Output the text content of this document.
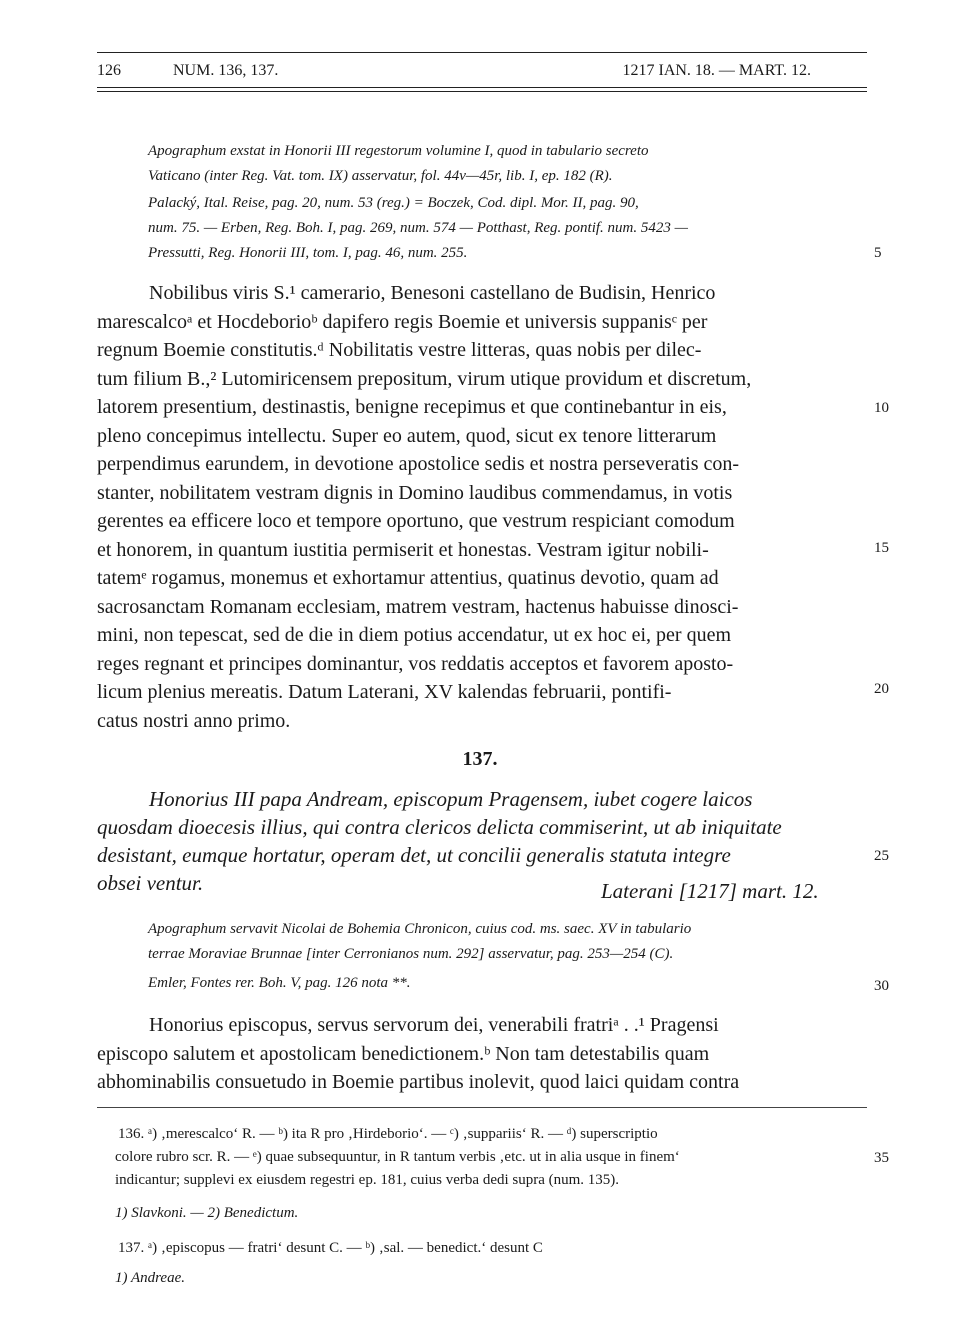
126	NUM. 136, 137.	1217 IAN. 18. — MART. 12.
Apographum exstat in Honorii III regestorum volumine I, quod in tabulario secreto
Vaticano (inter Reg. Vat. tom. IX) asservatur, fol. 44v—45r, lib. I, ep. 182 (R).
Palacký, Ital. Reise, pag. 20, num. 53 (reg.) = Boczek, Cod. dipl. Mor. II, pag. 90,
num. 75. — Erben, Reg. Boh. I, pag. 269, num. 574 — Potthast, Reg. pontif. num. 5423 —
Pressutti, Reg. Honorii III, tom. I, pag. 46, num. 255.	5
Nobilibus viris S.¹ camerario, Benesoni castellano de Budisin, Henrico
marescalcoᵃ et Hocdeborioᵇ dapifero regis Boemie et universis suppanisᶜ per
regnum Boemie constitutis.ᵈ Nobilitatis vestre litteras, quas nobis per dilec-
tum filium B.,² Lutomiricensem prepositum, virum utique providum et discretum,
latorem presentium, destinastis, benigne recepimus et que continebantur in eis,
pleno concepimus intellectu. Super eo autem, quod, sicut ex tenore litterarum
perpendimus earundem, in devotione apostolice sedis et nostra perseveratis con-
stanter, nobilitatem vestram dignis in Domino laudibus commendamus, in votis
gerentes ea efficere loco et tempore oportuno, que vestrum respiciant comodum
et honorem, in quantum iustitia permiserit et honestas. Vestram igitur nobili-
tatemᵉ rogamus, monemus et exhortamur attentius, quatinus devotio, quam ad
sacrosanctam Romanam ecclesiam, matrem vestram, hactenus habuisse dinosci-
mini, non tepescat, sed de die in diem potius accendatur, ut ex hoc ei, per quem
reges regnant et principes dominantur, vos reddatis acceptos et favorem aposto-
licum plenius mereatis. Datum Laterani, XV kalendas februarii, pontifi-
catus nostri anno primo.
10
15
20
137.
Honorius III papa Andream, episcopum Pragensem, iubet cogere laicos
quosdam dioecesis illius, qui contra clericos delicta commiserint, ut ab iniquitate
desistant, eumque hortatur, operam det, ut concilii generalis statuta integre
obsei ventur.	Laterani [1217] mart. 12.
25
Apographum servavit Nicolai de Bohemia Chronicon, cuius cod. ms. saec. XV in tabulario
terrae Moraviae Brunnae [inter Cerronianos num. 292] asservatur, pag. 253—254 (C).
Emler, Fontes rer. Boh. V, pag. 126 nota **.	30
Honorius episcopus, servus servorum dei, venerabili fratriᵃ . .¹ Pragensi
episcopo salutem et apostolicam benedictionem.ᵇ Non tam detestabilis quam
abhominabilis consuetudo in Boemie partibus inolevit, quod laici quidam contra
136. ᵃ) ‚merescalco‘ R. — ᵇ) ita R pro ‚Hirdeborio‘. — ᶜ) ‚suppariis‘ R. — ᵈ) superscriptio
colore rubro scr. R. — ᵉ) quae subsequuntur, in R tantum verbis ‚etc. ut in alia usque in finem‘
indicantur; supplevi ex eiusdem regestri ep. 181, cuius verba dedi supra (num. 135).
35
1) Slavkoni. — 2) Benedictum.
137. ᵃ) ‚episcopus — fratri‘ desunt C. — ᵇ) ‚sal. — benedict.‘ desunt C
1) Andreae.
